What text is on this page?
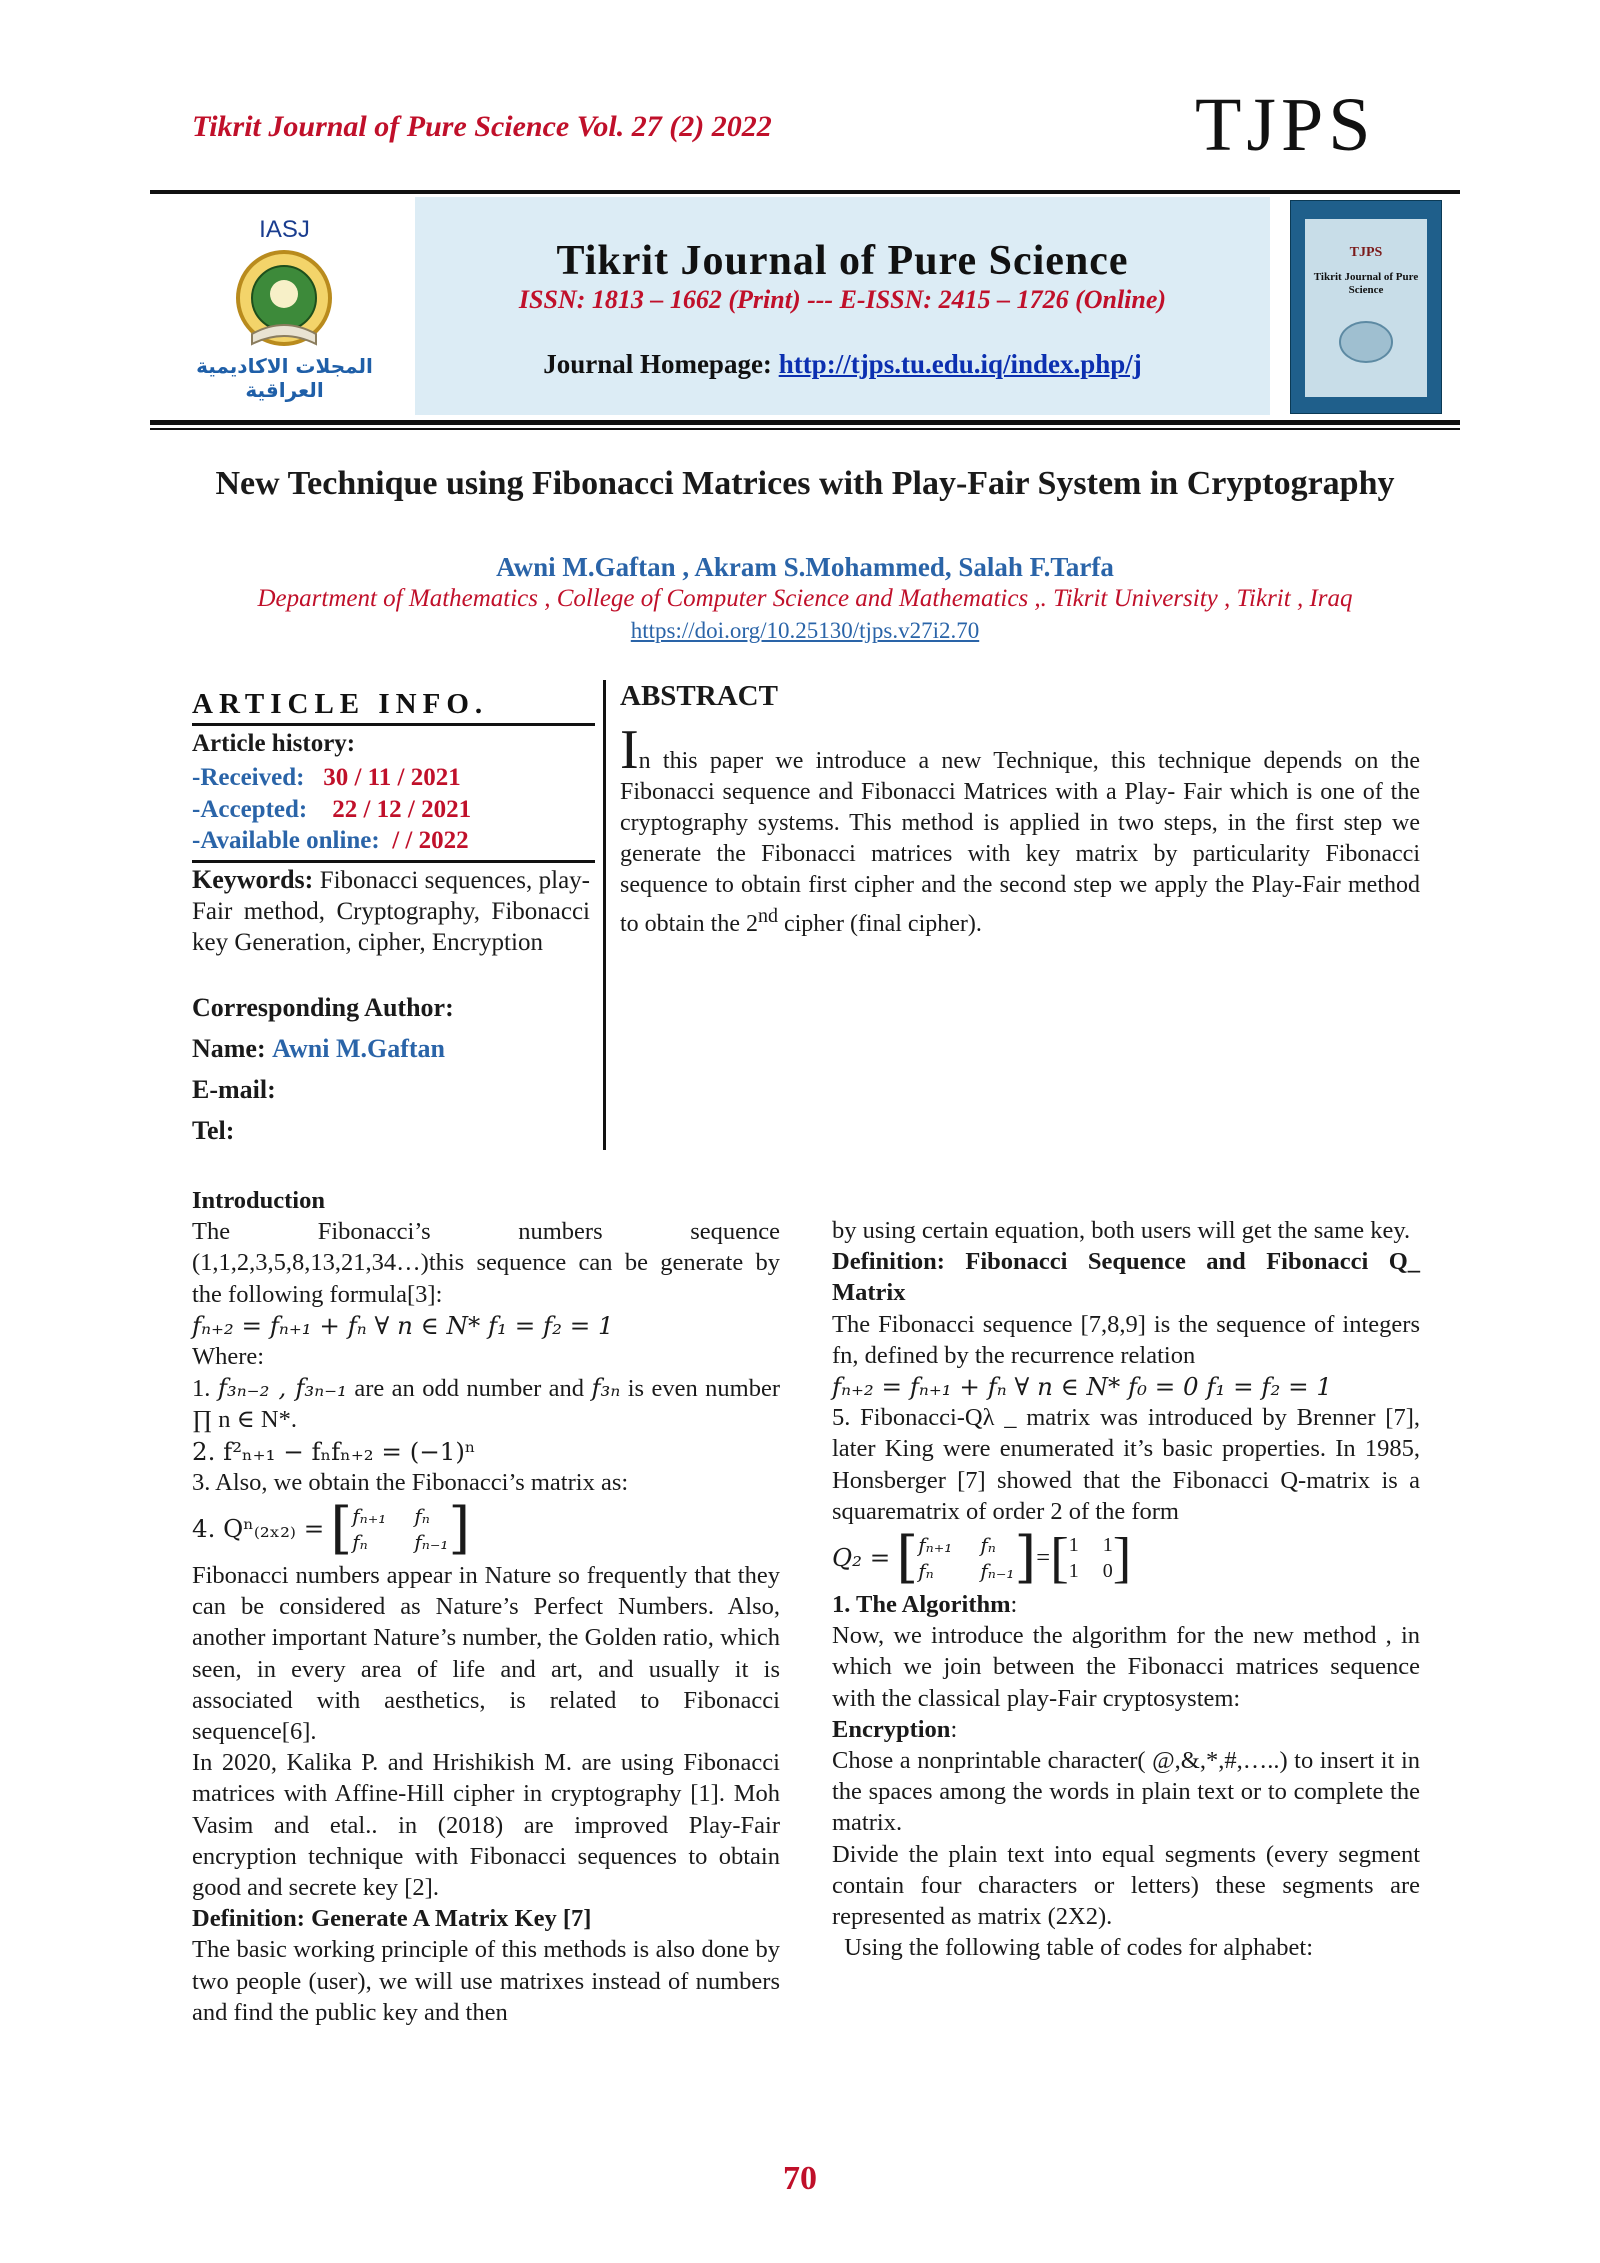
Tikrit Journal of Pure Science Vol. 27 (2) 2022	TJPS
IASJ
المجلات الاكاديمية العراقية
Tikrit Journal of Pure Science
ISSN: 1813 – 1662 (Print) --- E-ISSN: 2415 – 1726 (Online)
Journal Homepage: http://tjps.tu.edu.iq/index.php/j
TJPS
Tikrit Journal of Pure Science
New Technique using Fibonacci Matrices with Play-Fair System in Cryptography
Awni M.Gaftan , Akram S.Mohammed, Salah F.Tarfa
Department of Mathematics , College of Computer Science and Mathematics ,. Tikrit University , Tikrit , Iraq
https://doi.org/10.25130/tjps.v27i2.70
ARTICLE INFO.
Article history:
-Received: 30 / 11 / 2021
-Accepted: 22 / 12 / 2021
-Available online:  / / 2022
Keywords: Fibonacci sequences, play-Fair method, Cryptography, Fibonacci key Generation, cipher, Encryption
Corresponding Author:
Name: Awni M.Gaftan
E-mail:
Tel:
ABSTRACT
In this paper we introduce a new Technique, this technique depends on the Fibonacci sequence and Fibonacci Matrices with a Play- Fair which is one of the cryptography systems. This method is applied in two steps, in the first step we generate the Fibonacci matrices with key matrix by particularity Fibonacci sequence to obtain first cipher and the second step we apply the Play-Fair method to obtain the 2nd cipher (final cipher).
Introduction
The Fibonacci’s numbers sequence (1,1,2,3,5,8,13,21,34…)this sequence can be generate by the following formula[3]:
fₙ₊₂ = fₙ₊₁ + fₙ ∀ n ∈ N* f₁ = f₂ = 1
Where:
1. f₃ₙ₋₂ , f₃ₙ₋₁ are an odd number and f₃ₙ is even number ∏ n ∈ N*.
2. f²ₙ₊₁ − fₙfₙ₊₂ = (−1)ⁿ
3. Also, we obtain the Fibonacci’s matrix as:
4. Qⁿ₍₂ₓ₂₎ =
[ fₙ₊₁ fₙ
fₙ	fₙ₋₁ ]
Fibonacci numbers appear in Nature so frequently that they can be considered as Nature’s Perfect Numbers. Also, another important Nature’s number, the Golden ratio, which seen, in every area of life and art, and usually it is associated with aesthetics, is related to Fibonacci sequence[6].
In 2020, Kalika P. and Hrishikish M. are using Fibonacci matrices with Affine-Hill cipher in cryptography [1]. Moh Vasim and etal.. in (2018) are improved Play-Fair encryption technique with Fibonacci sequences to obtain good and secrete key [2].
Definition: Generate A Matrix Key [7]
The basic working principle of this methods is also done by two people (user), we will use matrixes instead of numbers and find the public key and then
by using certain equation, both users will get the same key.
Definition: Fibonacci Sequence and Fibonacci Q_ Matrix
The Fibonacci sequence [7,8,9] is the sequence of integers fn, defined by the recurrence relation
fₙ₊₂ = fₙ₊₁ + fₙ ∀ n ∈ N* f₀ = 0 f₁ = f₂ = 1
5. Fibonacci-Qλ _ matrix was introduced by Brenner [7], later King were enumerated it’s basic properties. In 1985, Honsberger [7] showed that the Fibonacci Q-matrix is a squarematrix of order 2 of the form
Q₂ =
[ fₙ₊₁ fₙ
fₙ	fₙ₋₁ ] = [ 1 1
1 0 ]
1. The Algorithm:
Now, we introduce the algorithm for the new method , in which we join between the Fibonacci matrices sequence with the classical play-Fair cryptosystem:
Encryption:
Chose a nonprintable character( @,&,*,#,…..) to insert it in the spaces among the words in plain text or to complete the matrix.
Divide the plain text into equal segments (every segment contain four characters or letters) these segments are represented as matrix (2X2).
Using the following table of codes for alphabet:
70
